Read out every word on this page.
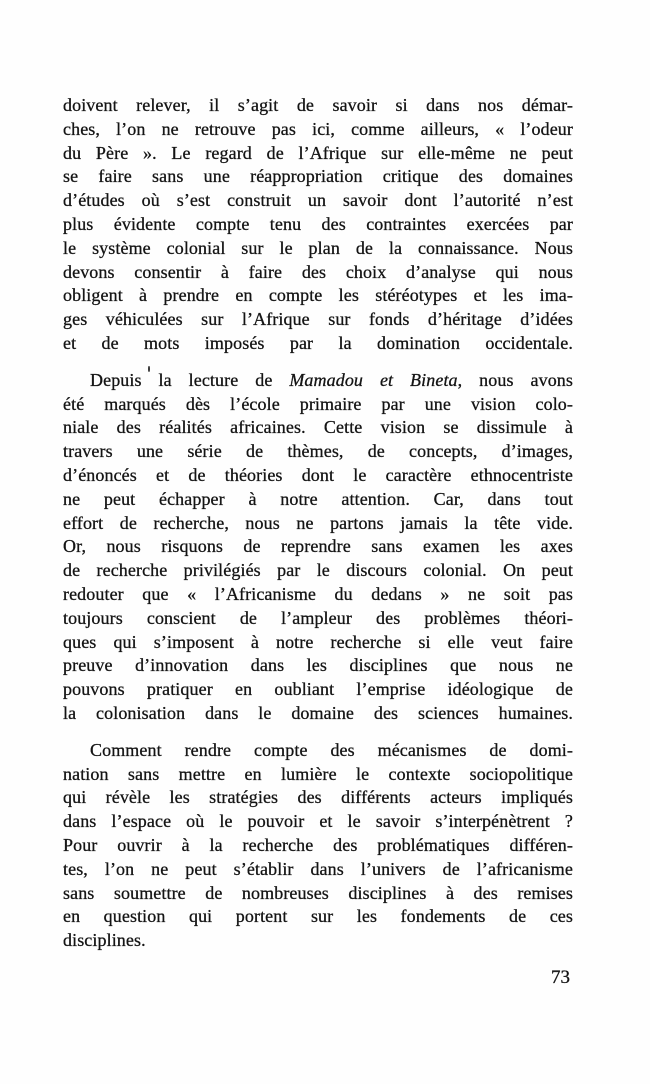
doivent relever, il s’agit de savoir si dans nos démar-
ches, l’on ne retrouve pas ici, comme ailleurs, « l’odeur
du Père ». Le regard de l’Afrique sur elle-même ne peut
se faire sans une réappropriation critique des domaines
d’études où s’est construit un savoir dont l’autorité n’est
plus évidente compte tenu des contraintes exercées par
le système colonial sur le plan de la connaissance. Nous
devons consentir à faire des choix d’analyse qui nous
obligent à prendre en compte les stéréotypes et les ima-
ges véhiculées sur l’Afrique sur fonds d’héritage d’idées
et de mots imposés par la domination occidentale.
Depuis la lecture de Mamadou et Bineta, nous avons
été marqués dès l’école primaire par une vision colo-
niale des réalités africaines. Cette vision se dissimule à
travers une série de thèmes, de concepts, d’images,
d’énoncés et de théories dont le caractère ethnocentriste
ne peut échapper à notre attention. Car, dans tout
effort de recherche, nous ne partons jamais la tête vide.
Or, nous risquons de reprendre sans examen les axes
de recherche privilégiés par le discours colonial. On peut
redouter que « l’Africanisme du dedans » ne soit pas
toujours conscient de l’ampleur des problèmes théori-
ques qui s’imposent à notre recherche si elle veut faire
preuve d’innovation dans les disciplines que nous ne
pouvons pratiquer en oubliant l’emprise idéologique de
la colonisation dans le domaine des sciences humaines.
Comment rendre compte des mécanismes de domi-
nation sans mettre en lumière le contexte sociopolitique
qui révèle les stratégies des différents acteurs impliqués
dans l’espace où le pouvoir et le savoir s’interpénètrent ?
Pour ouvrir à la recherche des problématiques différen-
tes, l’on ne peut s’établir dans l’univers de l’africanisme
sans soumettre de nombreuses disciplines à des remises
en question qui portent sur les fondements de ces
disciplines.
73
